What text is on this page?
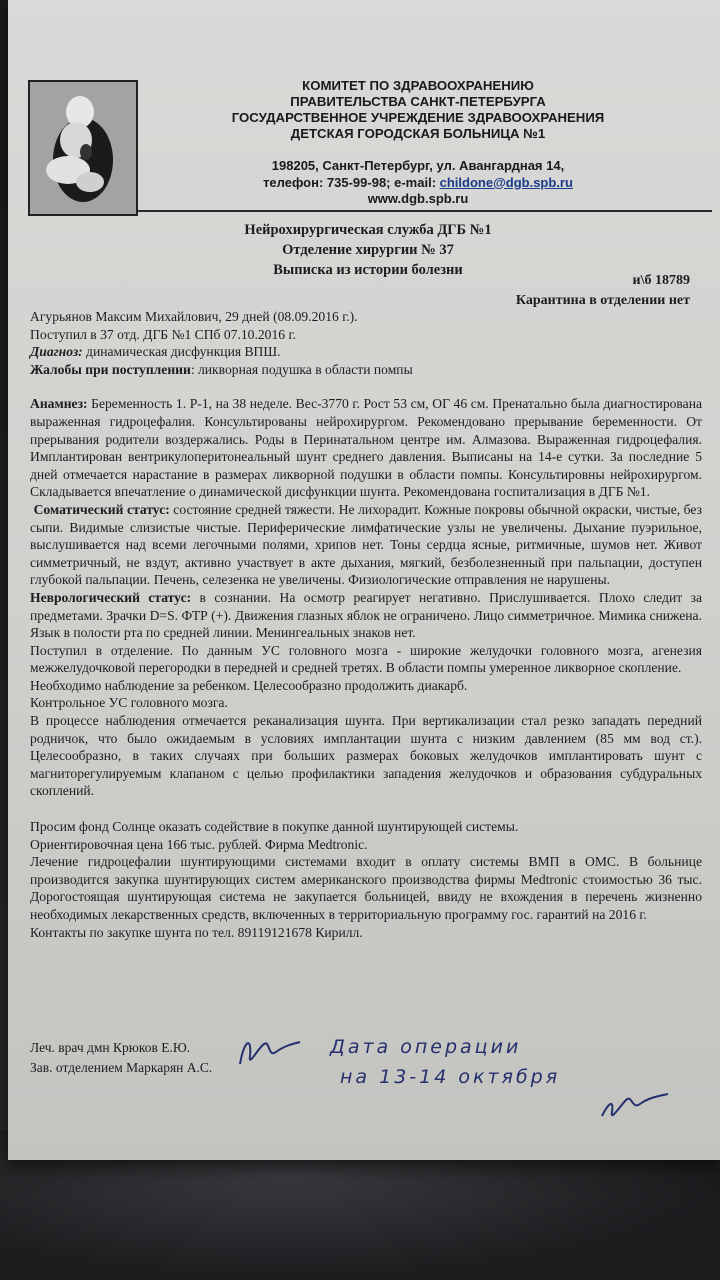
КОМИТЕТ ПО ЗДРАВООХРАНЕНИЮ
ПРАВИТЕЛЬСТВА САНКТ-ПЕТЕРБУРГА
ГОСУДАРСТВЕННОЕ УЧРЕЖДЕНИЕ ЗДРАВООХРАНЕНИЯ
ДЕТСКАЯ ГОРОДСКАЯ БОЛЬНИЦА №1
198205, Санкт-Петербург, ул. Авангардная 14,
телефон: 735-99-98; e-mail: childone@dgb.spb.ru
www.dgb.spb.ru
Нейрохирургическая служба ДГБ №1
Отделение хирургии № 37
Выписка из истории болезни
и\б 18789
Карантина в отделении нет

Агурьянов Максим Михайлович, 29 дней (08.09.2016 г.).

Поступил в 37 отд. ДГБ №1 СПб 07.10.2016 г.

Диагноз: динамическая дисфункция ВПШ.

Жалобы при поступлении: ликворная подушка в области помпы

Анамнез: Беременность 1. Р-1, на 38 неделе. Вес-3770 г. Рост 53 см, ОГ 46 см. Пренатально была диагностирована выраженная гидроцефалия. Консультированы нейрохирургом. Рекомендовано прерывание беременности. От прерывания родители воздержались. Роды в Перинатальном центре им. Алмазова. Выраженная гидроцефалия. Имплантирован вентрикулоперитонеальный шунт среднего давления. Выписаны на 14-е сутки. За последние 5 дней отмечается нарастание в размерах ликворной подушки в области помпы. Консультировны нейрохирургом. Складывается впечатление о динамической дисфункции шунта. Рекомендована госпитализация в ДГБ №1.

Соматический статус: состояние средней тяжести. Не лихорадит. Кожные покровы обычной окраски, чистые, без сыпи. Видимые слизистые чистые. Периферические лимфатические узлы не увеличены. Дыхание пуэрильное, выслушивается над всеми легочными полями, хрипов нет. Тоны сердца ясные, ритмичные, шумов нет. Живот симметричный, не вздут, активно участвует в акте дыхания, мягкий, безболезненный при пальпации, доступен глубокой пальпации. Печень, селезенка не увеличены. Физиологические отправления не нарушены.

Неврологический статус: в сознании. На осмотр реагирует негативно. Прислушивается. Плохо следит за предметами. Зрачки D=S. ФТР (+). Движения глазных яблок не ограничено. Лицо симметричное. Мимика снижена. Язык в полости рта по средней линии. Менингеальных знаков нет.

Поступил в отделение. По данным УС головного мозга - широкие желудочки головного мозга, агенезия межжелудочковой перегородки в передней и средней третях. В области помпы умеренное ликворное скопление.

Необходимо наблюдение за ребенком. Целесообразно продолжить диакарб.

Контрольное УС головного мозга.

В процессе наблюдения отмечается реканализация шунта. При вертикализации стал резко западать передний родничок, что было ожидаемым в условиях имплантации шунта с низким давлением (85 мм вод ст.). Целесообразно, в таких случаях при больших размерах боковых желудочков имплантировать шунт с магниторегулируемым клапаном с целью профилактики западения желудочков и образования субдуральных скоплений.

Просим фонд Солнце оказать содействие в покупке данной шунтирующей системы.

Ориентировочная цена 166 тыс. рублей. Фирма Medtronic.

Лечение гидроцефалии шунтирующими системами входит в оплату системы ВМП в ОМС. В больнице производится закупка шунтирующих систем американского производства фирмы Medtronic стоимостью 36 тыс. Дорогостоящая шунтирующая система не закупается больницей, ввиду не вхождения в перечень жизненно необходимых лекарственных средств, включенных в территориальную программу гос. гарантий на 2016 г.

Контакты по закупке шунта по тел. 89119121678 Кирилл.

Леч. врач дмн Крюков Е.Ю.
Зав. отделением Маркарян А.С.
Дата операции
на 13-14 октября
